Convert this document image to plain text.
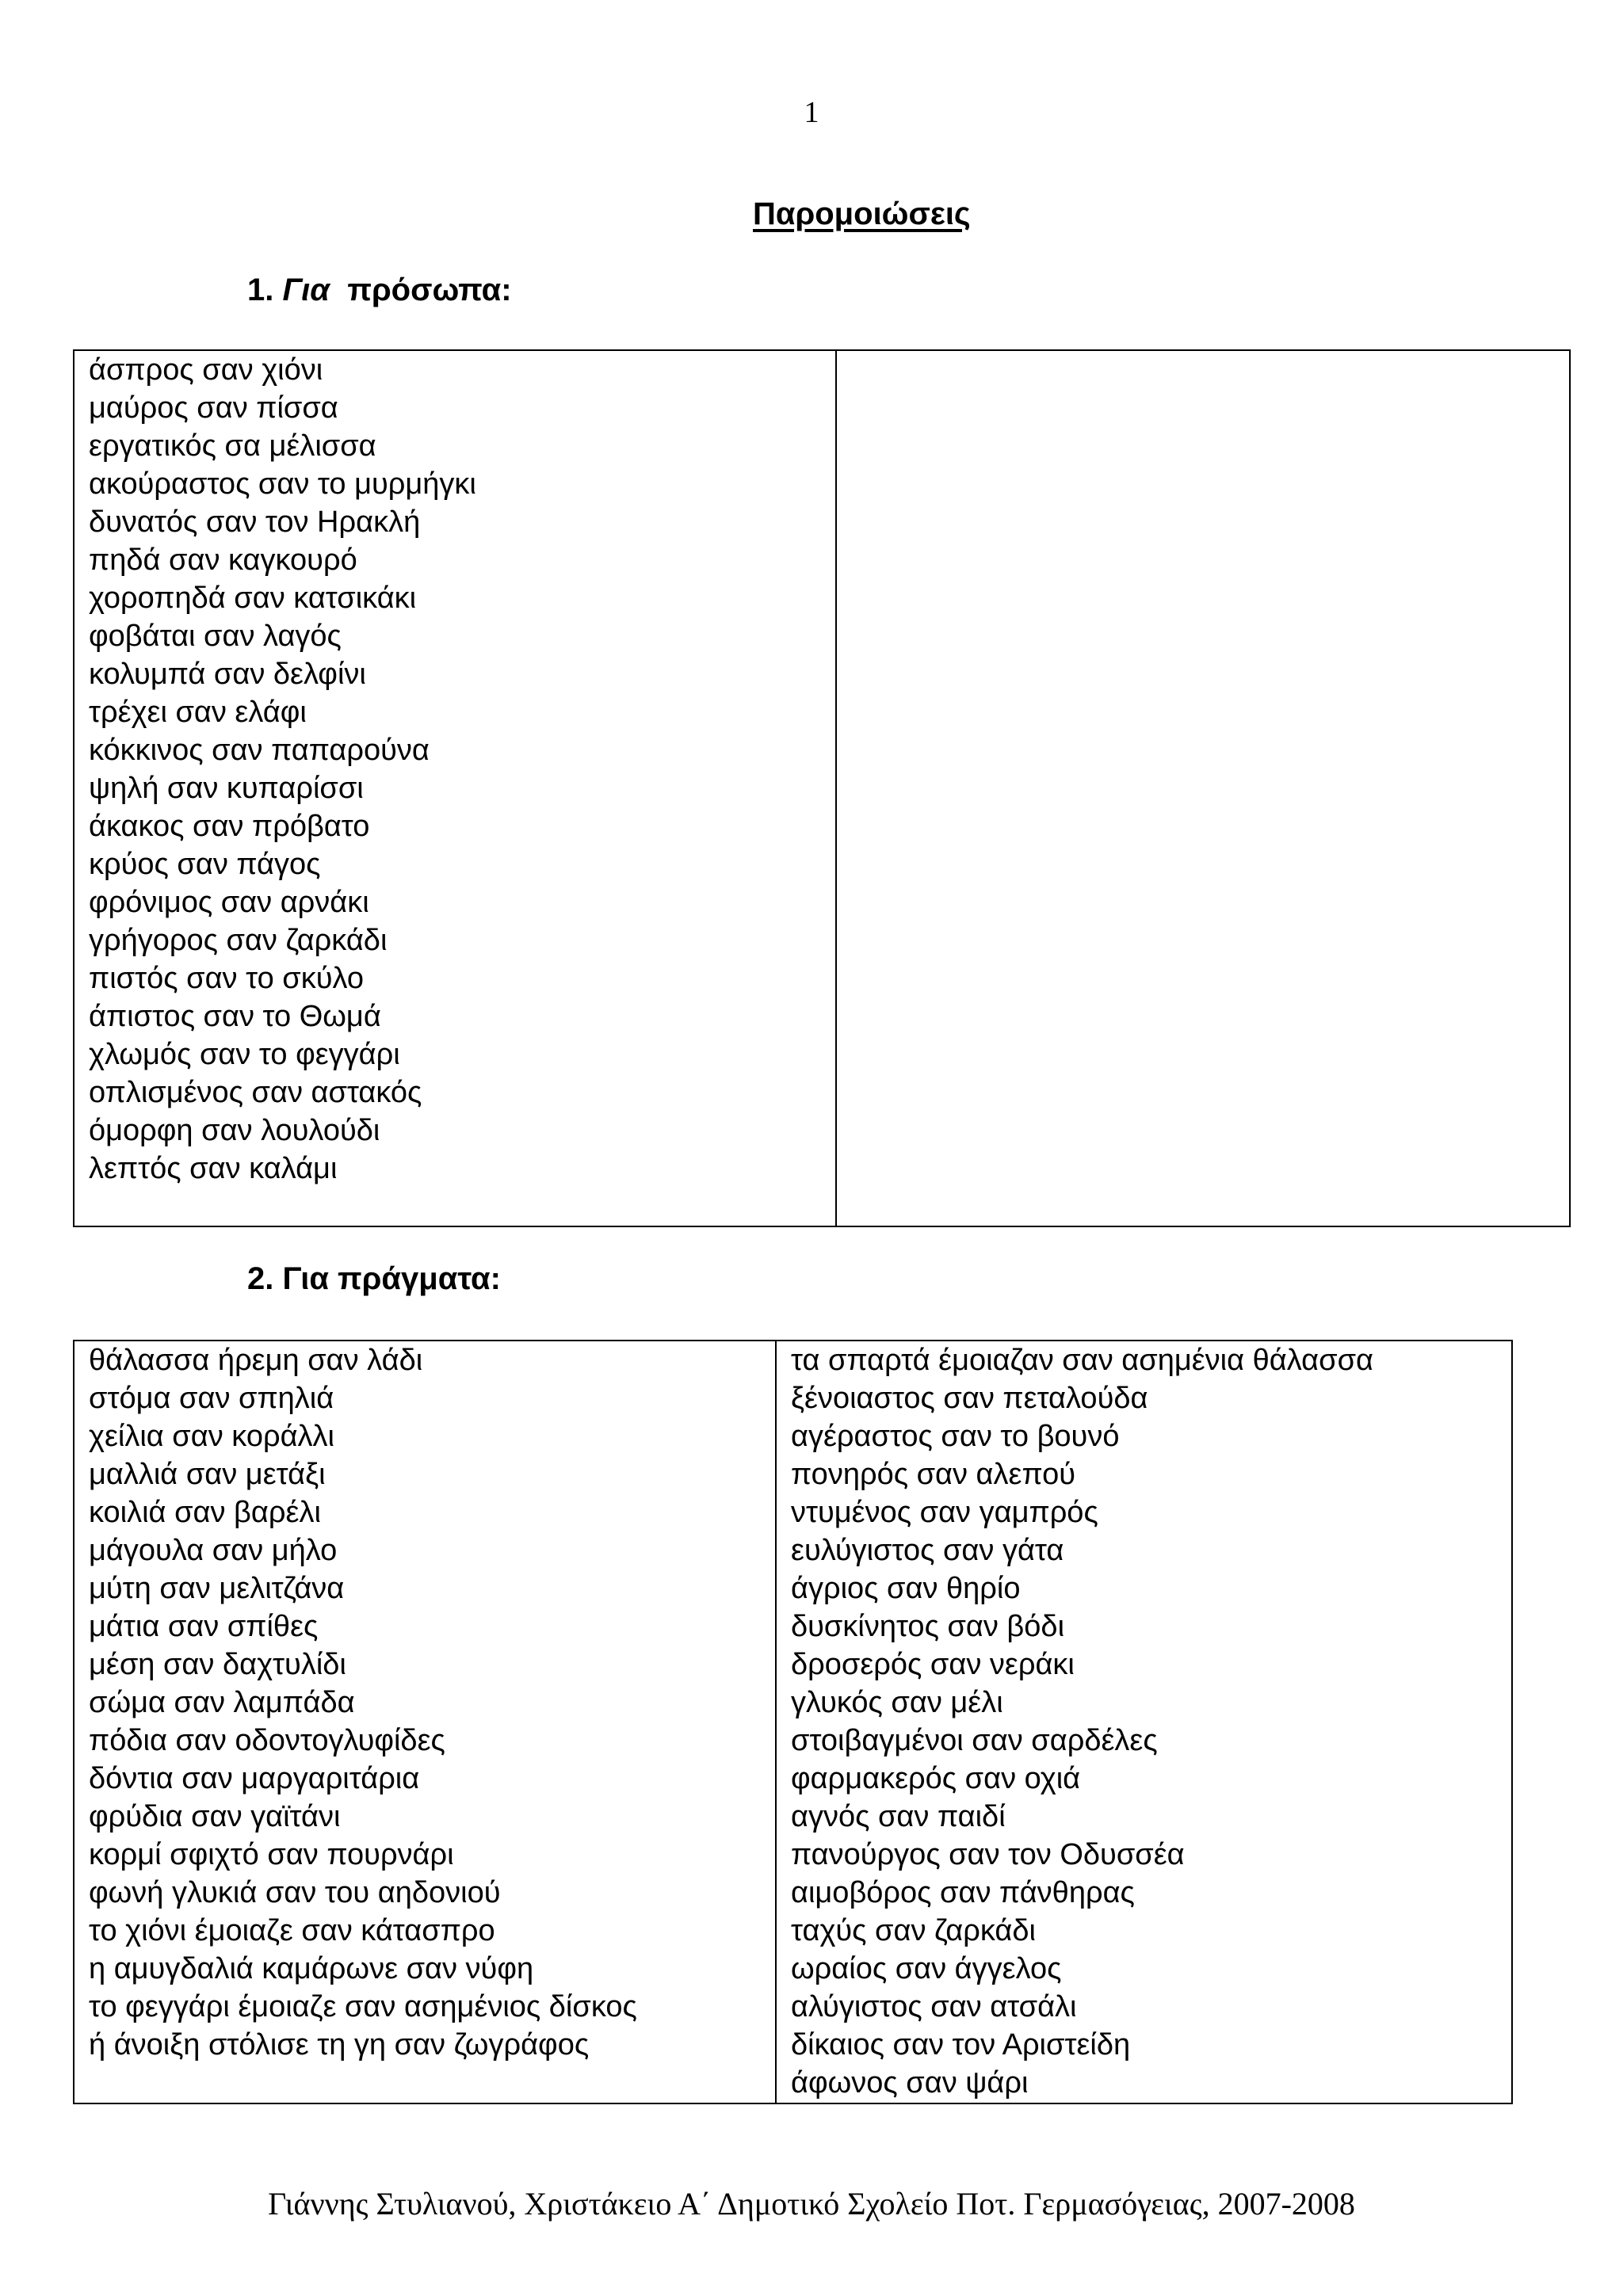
1
Παρομοιώσεις
1. Για πρόσωπα:
άσπρος σαν χιόνι
μαύρος σαν πίσσα
εργατικός σα μέλισσα
ακούραστος σαν το μυρμήγκι
δυνατός σαν τον Ηρακλή
πηδά σαν καγκουρό
χοροπηδά σαν κατσικάκι
φοβάται σαν λαγός
κολυμπά σαν δελφίνι
τρέχει σαν ελάφι
κόκκινος σαν παπαρούνα
ψηλή σαν κυπαρίσσι
άκακος σαν πρόβατο
κρύος σαν πάγος
φρόνιμος σαν αρνάκι
γρήγορος σαν ζαρκάδι
πιστός σαν το σκύλο
άπιστος σαν το Θωμά
χλωμός σαν το φεγγάρι
οπλισμένος σαν αστακός
όμορφη σαν λουλούδι
λεπτός σαν καλάμι

2. Για πράγματα:
θάλασσα ήρεμη σαν λάδι
στόμα σαν σπηλιά
χείλια σαν κοράλλι
μαλλιά σαν μετάξι
κοιλιά σαν βαρέλι
μάγουλα σαν μήλο
μύτη σαν μελιτζάνα
μάτια σαν σπίθες
μέση σαν δαχτυλίδι
σώμα σαν λαμπάδα
πόδια σαν οδοντογλυφίδες
δόντια σαν μαργαριτάρια
φρύδια σαν γαϊτάνι
κορμί σφιχτό σαν πουρνάρι
φωνή γλυκιά σαν του αηδονιού
το χιόνι έμοιαζε σαν κάτασπρο
η αμυγδαλιά καμάρωνε σαν νύφη
το φεγγάρι έμοιαζε σαν ασημένιος δίσκος
ή άνοιξη στόλισε τη γη σαν ζωγράφος

τα σπαρτά έμοιαζαν σαν ασημένια θάλασσα
ξένοιαστος σαν πεταλούδα
αγέραστος σαν το βουνό
πονηρός σαν αλεπού
ντυμένος σαν γαμπρός
ευλύγιστος σαν γάτα
άγριος σαν θηρίο
δυσκίνητος σαν βόδι
δροσερός σαν νεράκι
γλυκός σαν μέλι
στοιβαγμένοι σαν σαρδέλες
φαρμακερός σαν οχιά
αγνός σαν παιδί
πανούργος σαν τον Οδυσσέα
αιμοβόρος σαν πάνθηρας
ταχύς σαν ζαρκάδι
ωραίος σαν άγγελος
αλύγιστος σαν ατσάλι
δίκαιος σαν τον Αριστείδη
άφωνος σαν ψάρι
Γιάννης Στυλιανού, Χριστάκειο Α΄ Δημοτικό Σχολείο Ποτ. Γερμασόγειας, 2007-2008
